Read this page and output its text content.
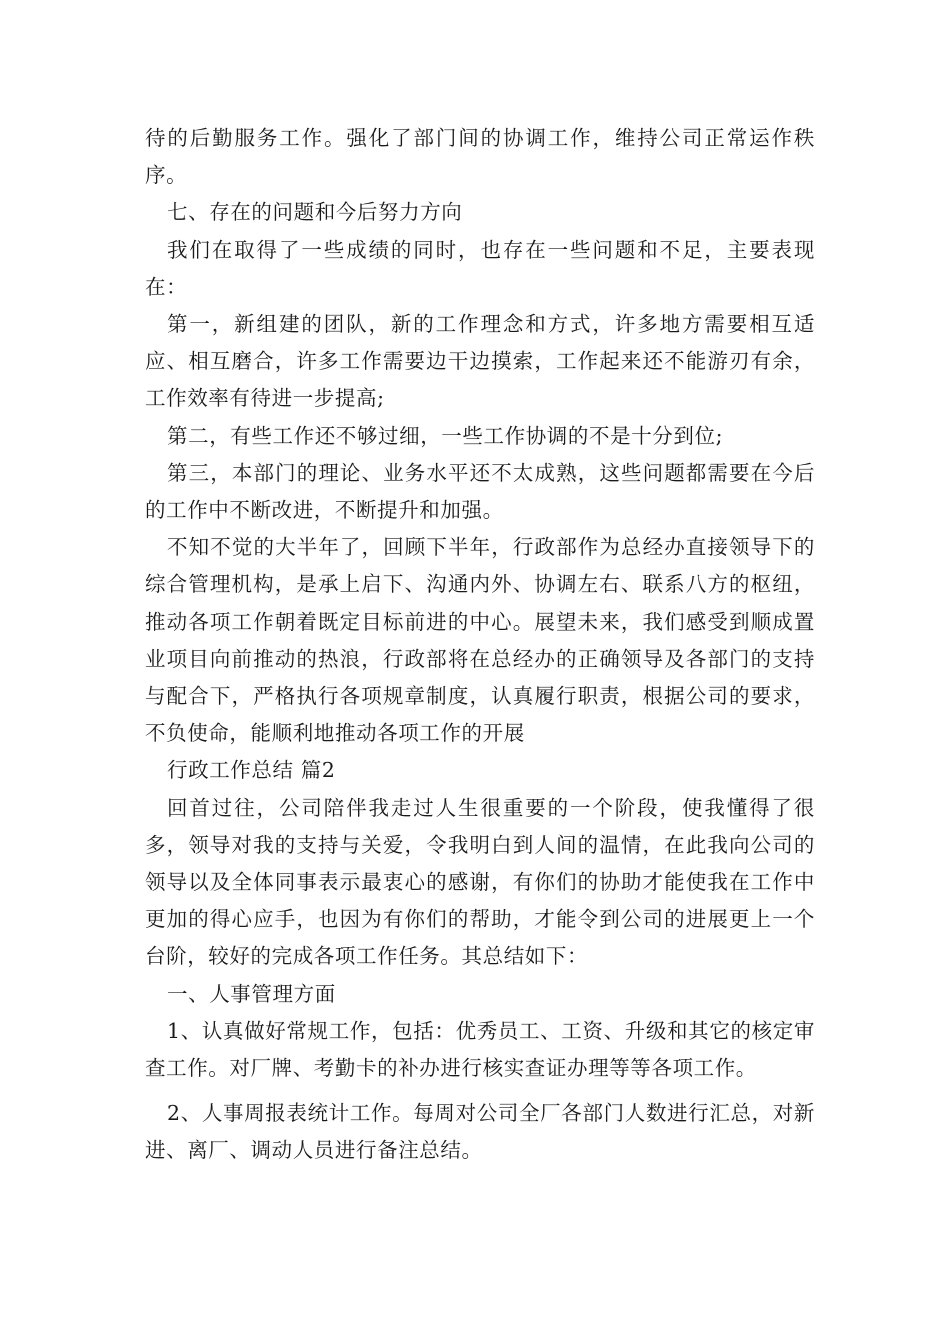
待的后勤服务工作。强化了部门间的协调工作，维持公司正常运作秩序。

七、存在的问题和今后努力方向

我们在取得了一些成绩的同时，也存在一些问题和不足，主要表现在：

第一，新组建的团队，新的工作理念和方式，许多地方需要相互适应、相互磨合，许多工作需要边干边摸索，工作起来还不能游刃有余，工作效率有待进一步提高;

第二，有些工作还不够过细，一些工作协调的不是十分到位;

第三，本部门的理论、业务水平还不太成熟，这些问题都需要在今后的工作中不断改进，不断提升和加强。

不知不觉的大半年了，回顾下半年，行政部作为总经办直接领导下的综合管理机构，是承上启下、沟通内外、协调左右、联系八方的枢纽，推动各项工作朝着既定目标前进的中心。展望未来，我们感受到顺成置业项目向前推动的热浪，行政部将在总经办的正确领导及各部门的支持与配合下，严格执行各项规章制度，认真履行职责，根据公司的要求，不负使命，能顺利地推动各项工作的开展

行政工作总结 篇2

回首过往，公司陪伴我走过人生很重要的一个阶段，使我懂得了很多，领导对我的支持与关爱，令我明白到人间的温情，在此我向公司的领导以及全体同事表示最衷心的感谢，有你们的协助才能使我在工作中更加的得心应手，也因为有你们的帮助，才能令到公司的进展更上一个台阶，较好的完成各项工作任务。其总结如下：

一、人事管理方面

1、认真做好常规工作，包括：优秀员工、工资、升级和其它的核定审查工作。对厂牌、考勤卡的补办进行核实查证办理等等各项工作。

2、人事周报表统计工作。每周对公司全厂各部门人数进行汇总，对新进、离厂、调动人员进行备注总结。
